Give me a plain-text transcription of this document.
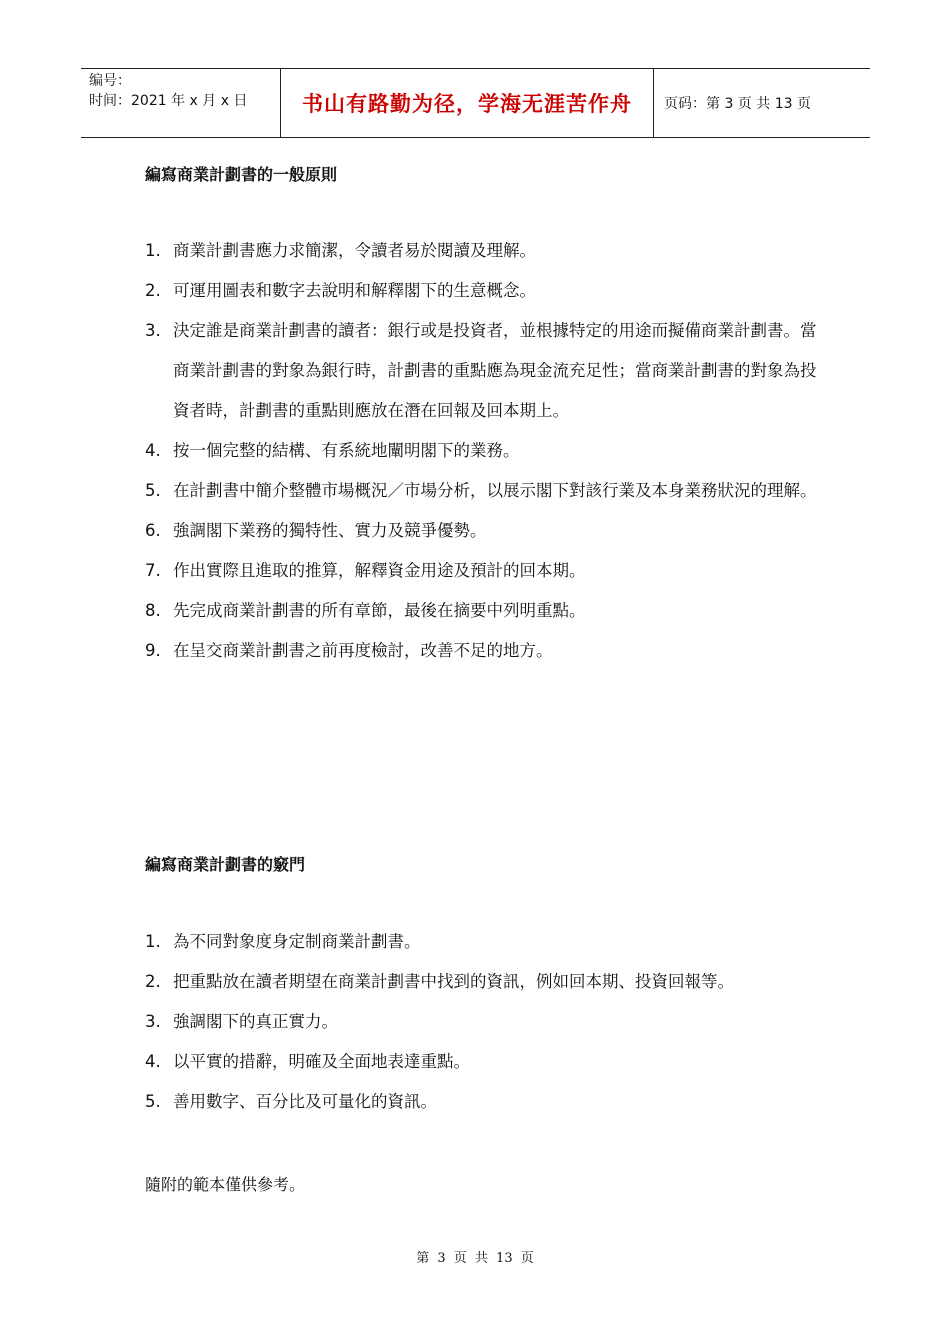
编号：
时间：2021 年 x 月 x 日	书山有路勤为径，学海无涯苦作舟	页码：第 3 页 共 13 页
編寫商業計劃書的一般原則
1. 商業計劃書應力求簡潔，令讀者易於閱讀及理解。
2. 可運用圖表和數字去說明和解釋閣下的生意概念。
3. 決定誰是商業計劃書的讀者：銀行或是投資者，並根據特定的用途而擬備商業計劃書。當商業計劃書的對象為銀行時，計劃書的重點應為現金流充足性；當商業計劃書的對象為投資者時，計劃書的重點則應放在潛在回報及回本期上。
4. 按一個完整的結構、有系統地闡明閣下的業務。
5. 在計劃書中簡介整體市場概況／市場分析，以展示閣下對該行業及本身業務狀況的理解。
6. 強調閣下業務的獨特性、實力及競爭優勢。
7. 作出實際且進取的推算，解釋資金用途及預計的回本期。
8. 先完成商業計劃書的所有章節，最後在摘要中列明重點。
9. 在呈交商業計劃書之前再度檢討，改善不足的地方。
編寫商業計劃書的竅門
1. 為不同對象度身定制商業計劃書。
2. 把重點放在讀者期望在商業計劃書中找到的資訊，例如回本期、投資回報等。
3. 強調閣下的真正實力。
4. 以平實的措辭，明確及全面地表達重點。
5. 善用數字、百分比及可量化的資訊。
隨附的範本僅供參考。
第 3 页 共 13 页
